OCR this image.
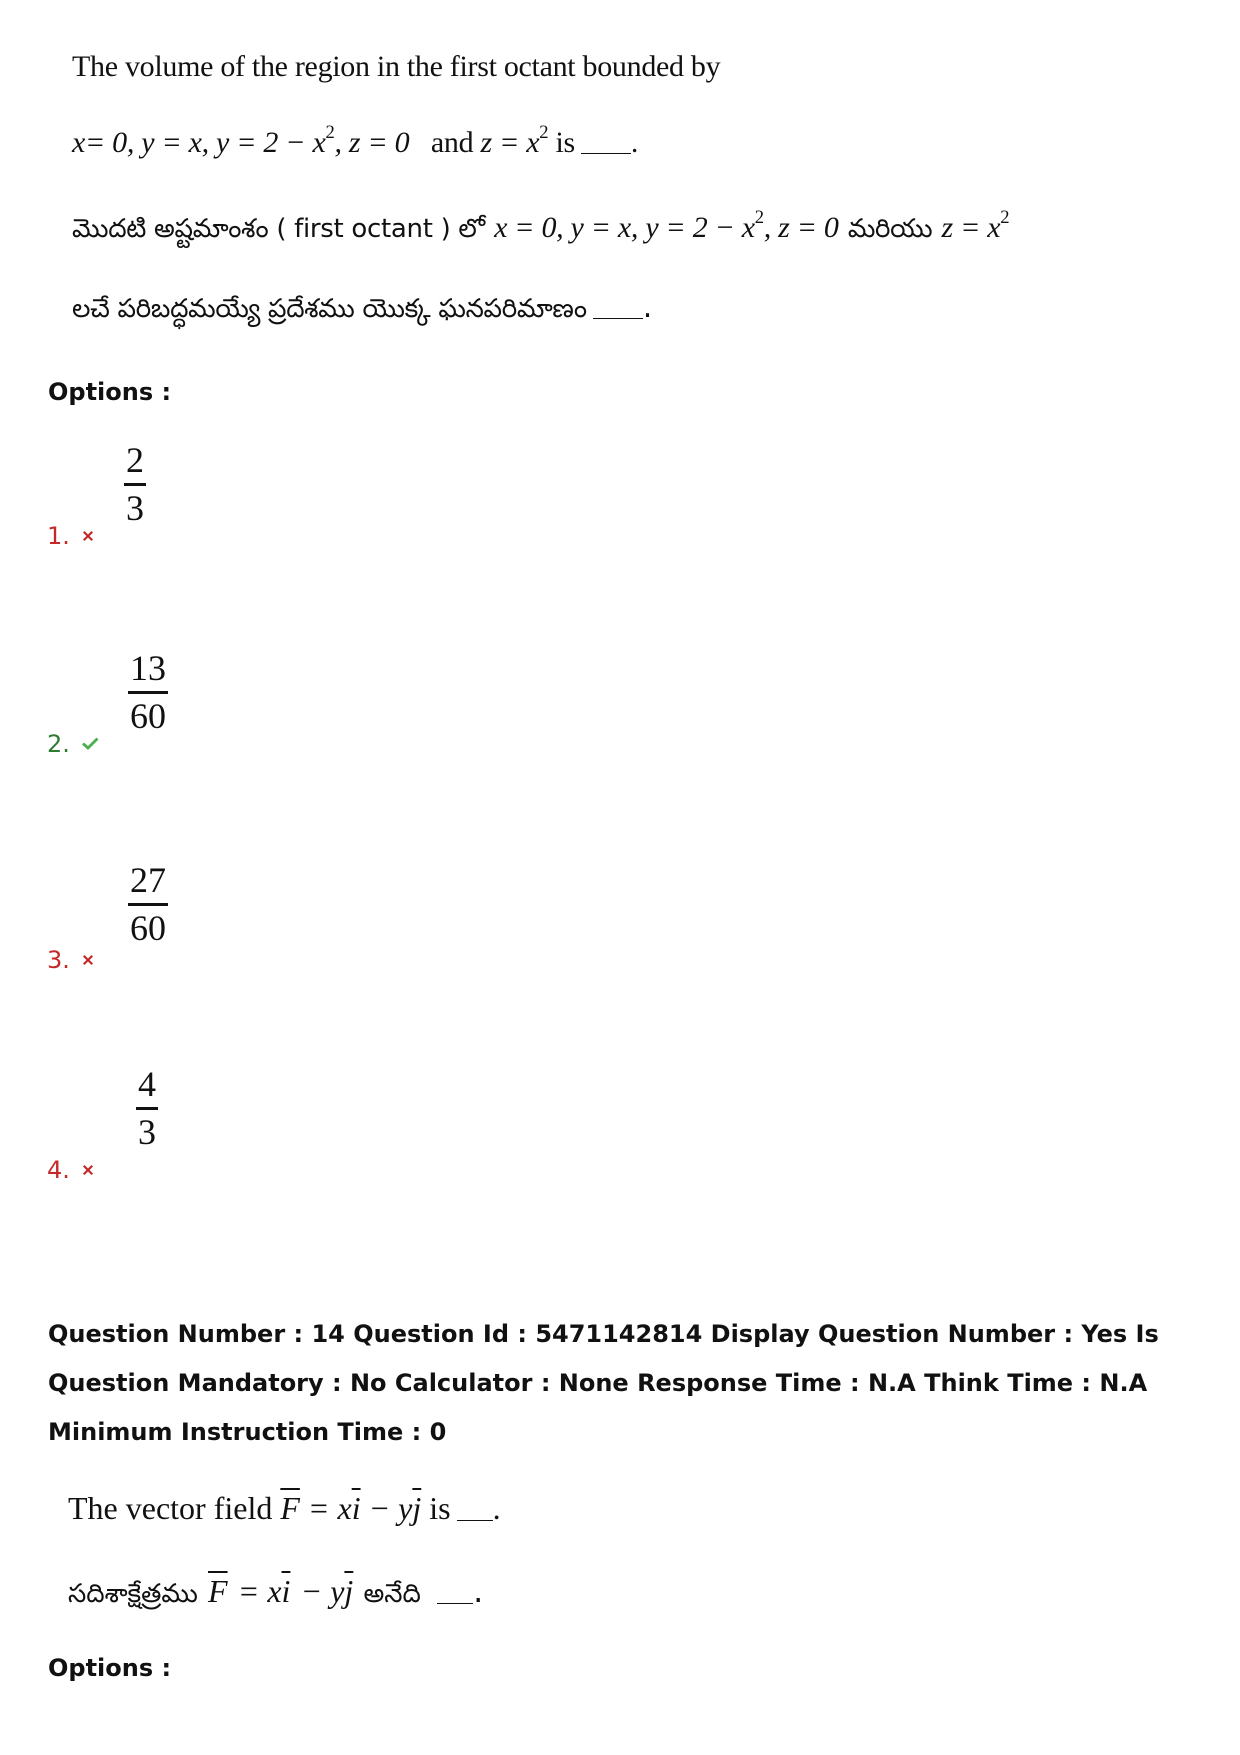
The volume of the region in the first octant bounded by
x= 0, y = x, $y = 2 - x^2$, z = 0 and $z = x^2$ is .
మొదటి అష్టమాంశం ( first octant ) లో x = 0, y = x, $y = 2 - x^2$, z = 0 మరియు $z = x^2$
లచే పరిబద్ధమయ్యే ప్రదేశము యొక్క ఘనపరిమాణం .
Options :
2
3
1.
13
60
2.
27
60
3.
4
3
4.
Question Number : 14 Question Id : 5471142814 Display Question Number : Yes Is Question Mandatory : No Calculator : None Response Time : N.A Think Time : N.A Minimum Instruction Time : 0
The vector field $\overline{F} = x\overline{i} - y\overline{j}$ is .
సదిశాక్షేత్రము $\overline{F} = x\overline{i} - y\overline{j}$ అనేది .
Options :
